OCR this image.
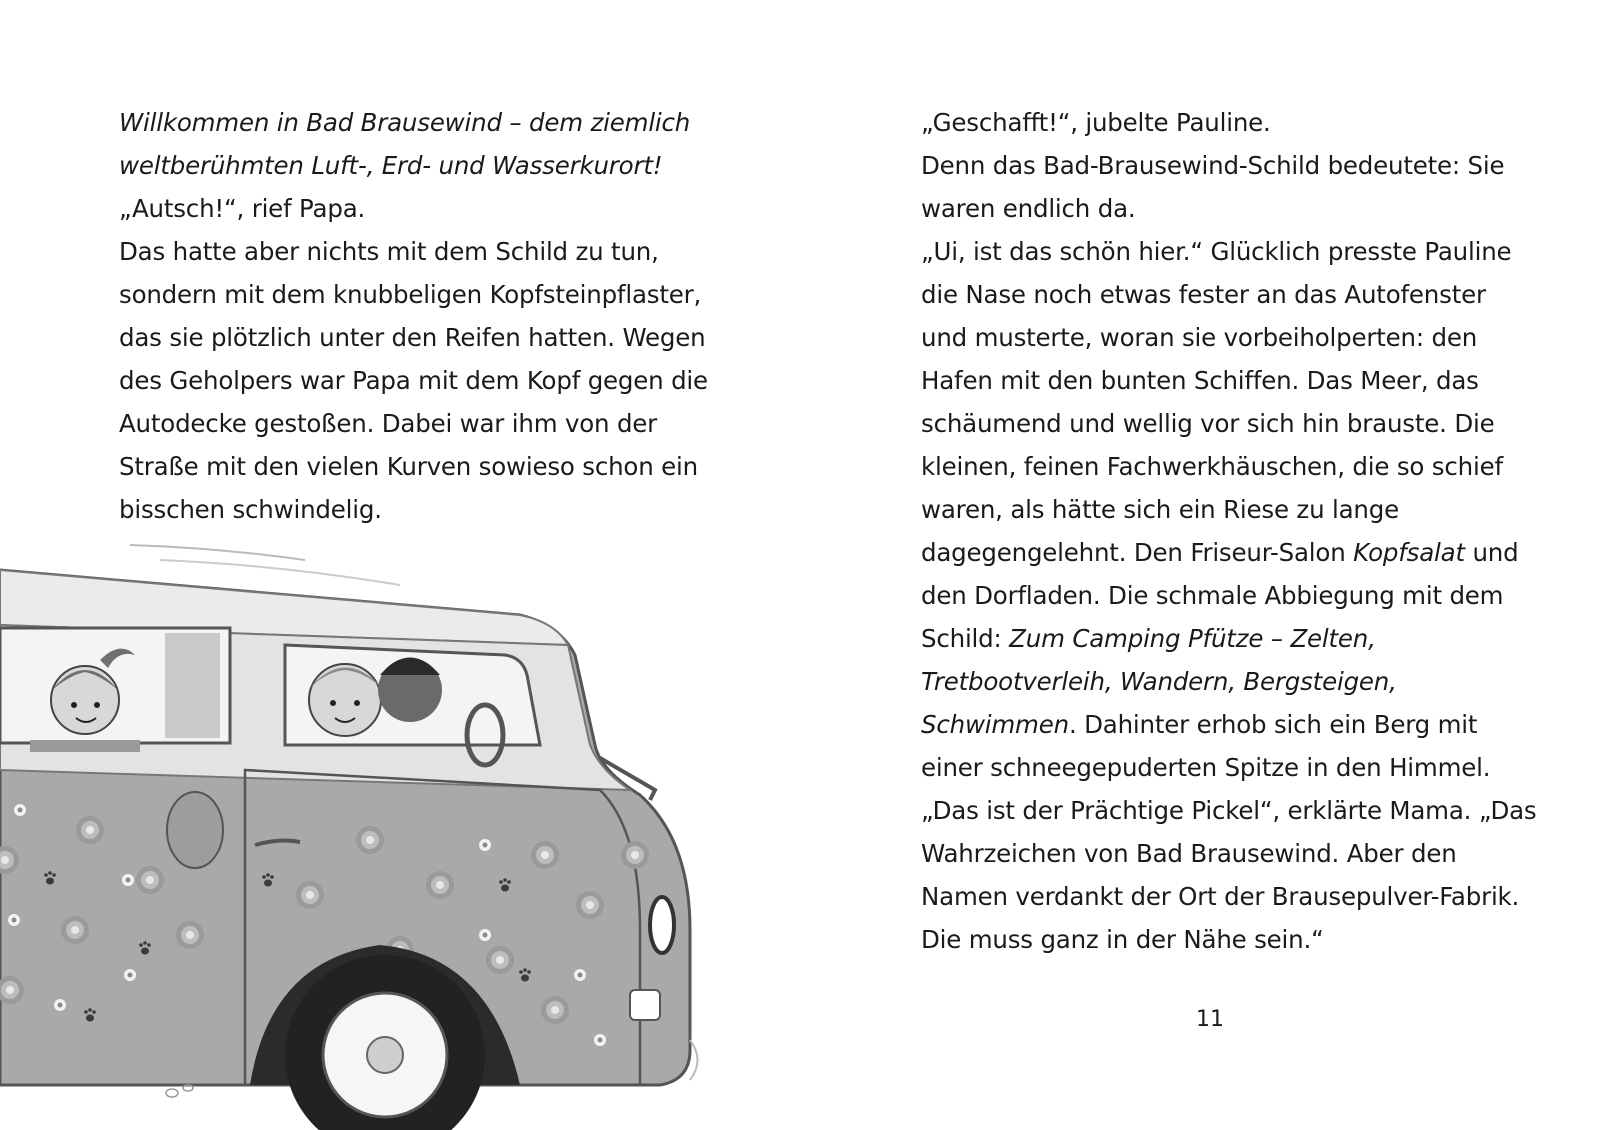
Willkommen in Bad Brausewind – dem ziemlich
weltberühmten Luft-, Erd- und Wasserkurort!
„Autsch!“, rief Papa.
Das hatte aber nichts mit dem Schild zu tun,
sondern mit dem knubbeligen Kopfsteinpflaster,
das sie plötzlich unter den Reifen hatten. Wegen
des Geholpers war Papa mit dem Kopf gegen die
Autodecke gestoßen. Dabei war ihm von der
Straße mit den vielen Kurven sowieso schon ein
bisschen schwindelig.
„Geschafft!“, jubelte Pauline.
Denn das Bad-Brausewind-Schild bedeutete: Sie
waren endlich da.
„Ui, ist das schön hier.“ Glücklich presste Pauline
die Nase noch etwas fester an das Autofenster
und musterte, woran sie vorbeiholperten: den
Hafen mit den bunten Schiffen. Das Meer, das
schäumend und wellig vor sich hin brauste. Die
kleinen, feinen Fachwerkhäuschen, die so schief
waren, als hätte sich ein Riese zu lange
dagegengelehnt. Den Friseur-Salon Kopfsalat und
den Dorfladen. Die schmale Abbiegung mit dem
Schild: Zum Camping Pfütze – Zelten,
Tretbootverleih, Wandern, Bergsteigen,
Schwimmen. Dahinter erhob sich ein Berg mit
einer schneegepuderten Spitze in den Himmel.
„Das ist der Prächtige Pickel“, erklärte Mama. „Das
Wahrzeichen von Bad Brausewind. Aber den
Namen verdankt der Ort der Brausepulver-Fabrik.
Die muss ganz in der Nähe sein.“
11
